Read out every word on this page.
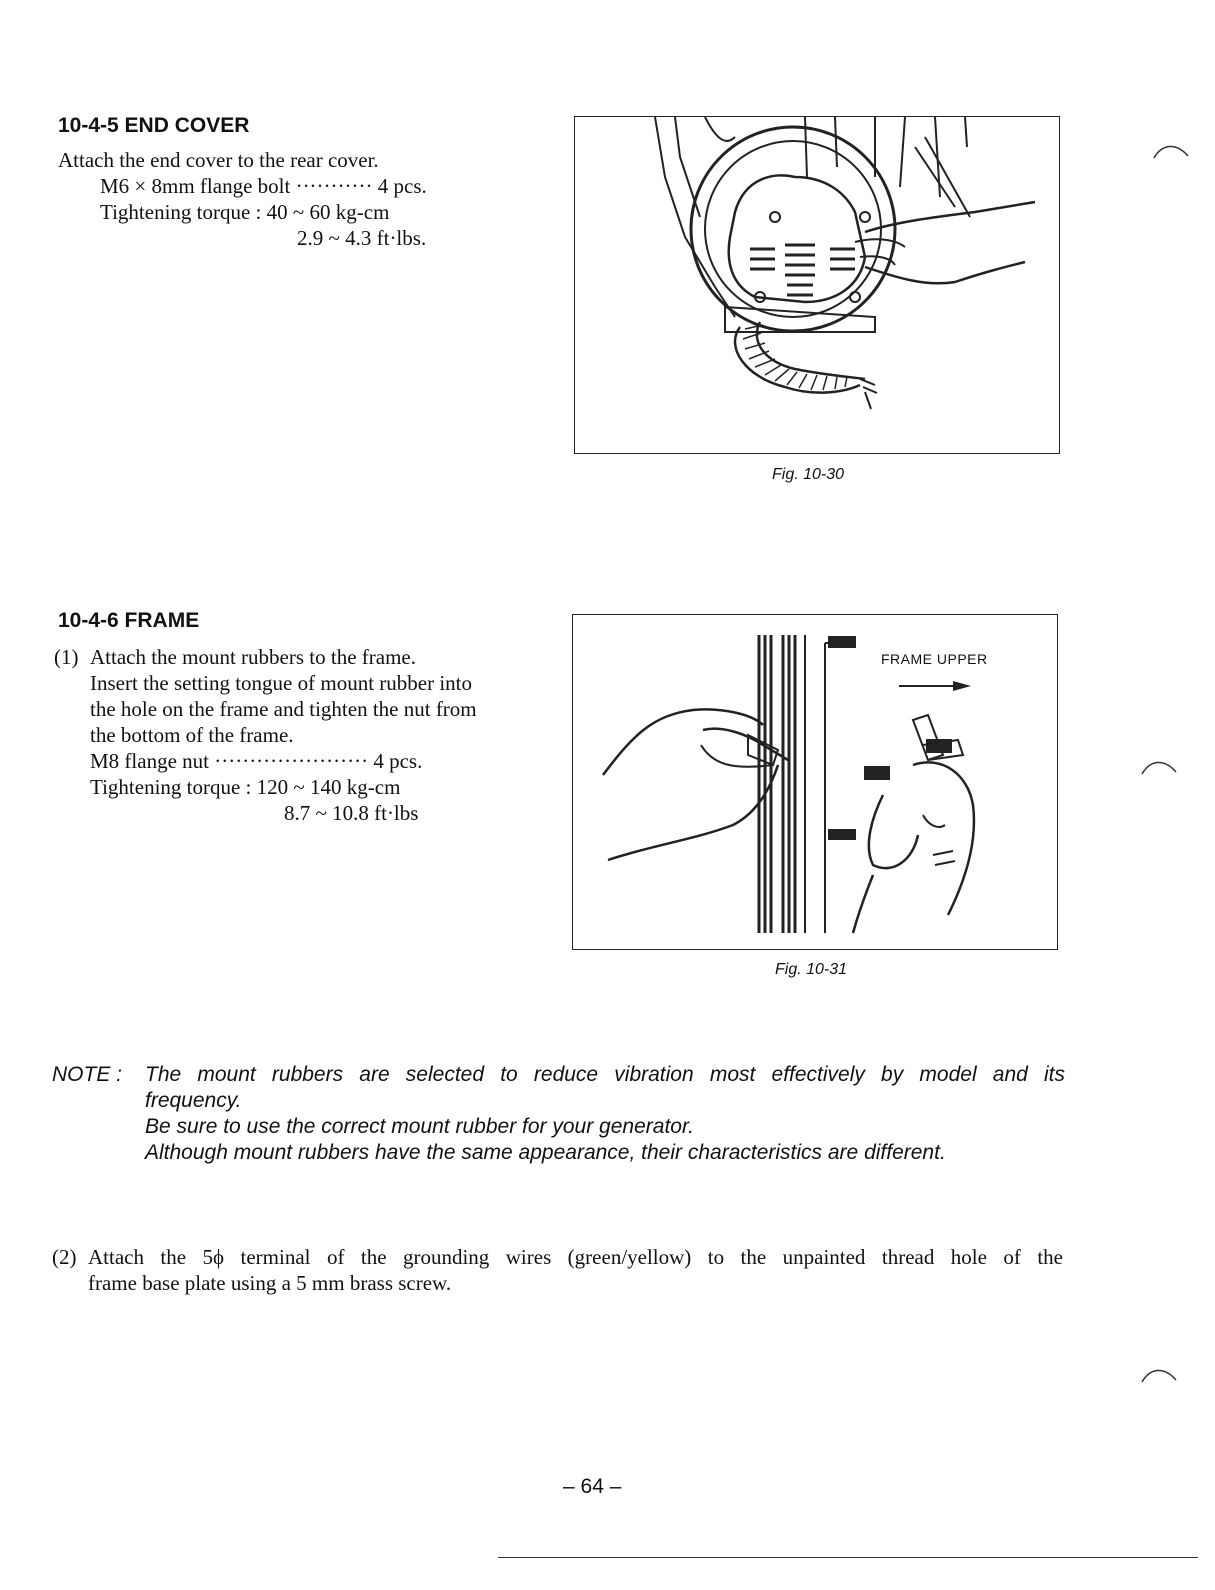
10-4-5 END COVER
Attach the end cover to the rear cover.
M6 × 8mm flange bolt ··········· 4 pcs.
Tightening torque : 40 ~ 60 kg-cm
2.9 ~ 4.3 ft·lbs.
Fig. 10-30
10-4-6 FRAME
(1) Attach the mount rubbers to the frame.
Insert the setting tongue of mount rubber into
the hole on the frame and tighten the nut from
the bottom of the frame.
M8 flange nut ······················ 4 pcs.
Tightening torque : 120 ~ 140 kg-cm
8.7 ~ 10.8 ft·lbs
FRAME UPPER
Fig. 10-31
NOTE : The mount rubbers are selected to reduce vibration most effectively by model and its
frequency.
Be sure to use the correct mount rubber for your generator.
Although mount rubbers have the same appearance, their characteristics are different.
(2) Attach the 5ϕ terminal of the grounding wires (green/yellow) to the unpainted thread hole of the
frame base plate using a 5 mm brass screw.
– 64 –
